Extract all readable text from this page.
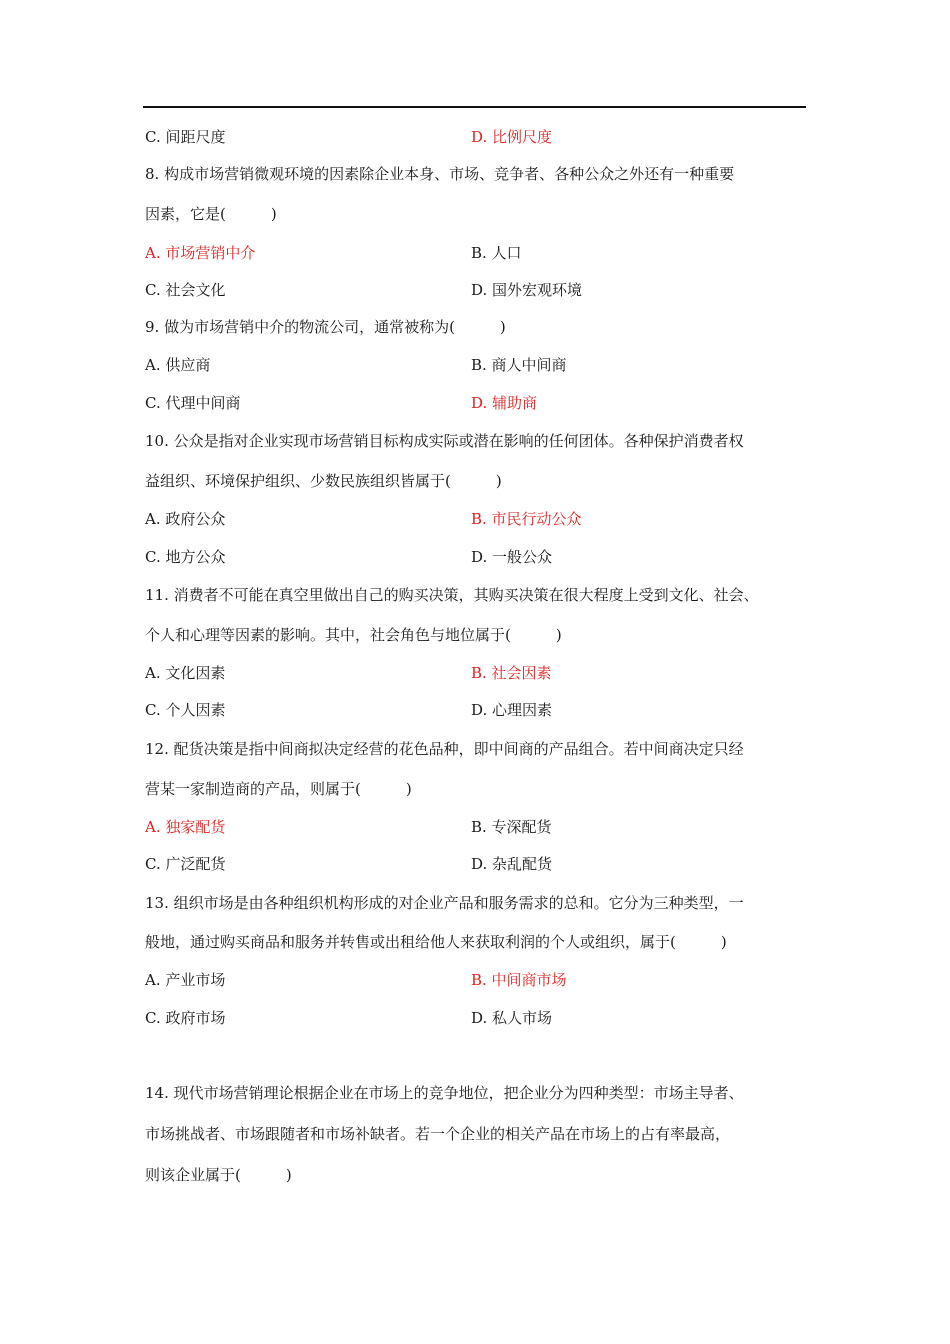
C. 间距尺度	D. 比例尺度
8. 构成市场营销微观环境的因素除企业本身、市场、竞争者、各种公众之外还有一种重要
因素，它是(　　　)
A. 市场营销中介	B. 人口
C. 社会文化	D. 国外宏观环境
9. 做为市场营销中介的物流公司，通常被称为(　　　)
A. 供应商	B. 商人中间商
C. 代理中间商	D. 辅助商
10. 公众是指对企业实现市场营销目标构成实际或潜在影响的任何团体。各种保护消费者权
益组织、环境保护组织、少数民族组织皆属于(　　　)
A. 政府公众	B. 市民行动公众
C. 地方公众	D. 一般公众
11. 消费者不可能在真空里做出自己的购买决策，其购买决策在很大程度上受到文化、社会、
个人和心理等因素的影响。其中，社会角色与地位属于(　　　)
A. 文化因素	B. 社会因素
C. 个人因素	D. 心理因素
12. 配货决策是指中间商拟决定经营的花色品种，即中间商的产品组合。若中间商决定只经
营某一家制造商的产品，则属于(　　　)
A. 独家配货	B. 专深配货
C. 广泛配货	D. 杂乱配货
13. 组织市场是由各种组织机构形成的对企业产品和服务需求的总和。它分为三种类型，一
般地，通过购买商品和服务并转售或出租给他人来获取利润的个人或组织，属于(　　　)
A. 产业市场	B. 中间商市场
C. 政府市场	D. 私人市场
14. 现代市场营销理论根据企业在市场上的竞争地位，把企业分为四种类型：市场主导者、
市场挑战者、市场跟随者和市场补缺者。若一个企业的相关产品在市场上的占有率最高，
则该企业属于(　　　)
